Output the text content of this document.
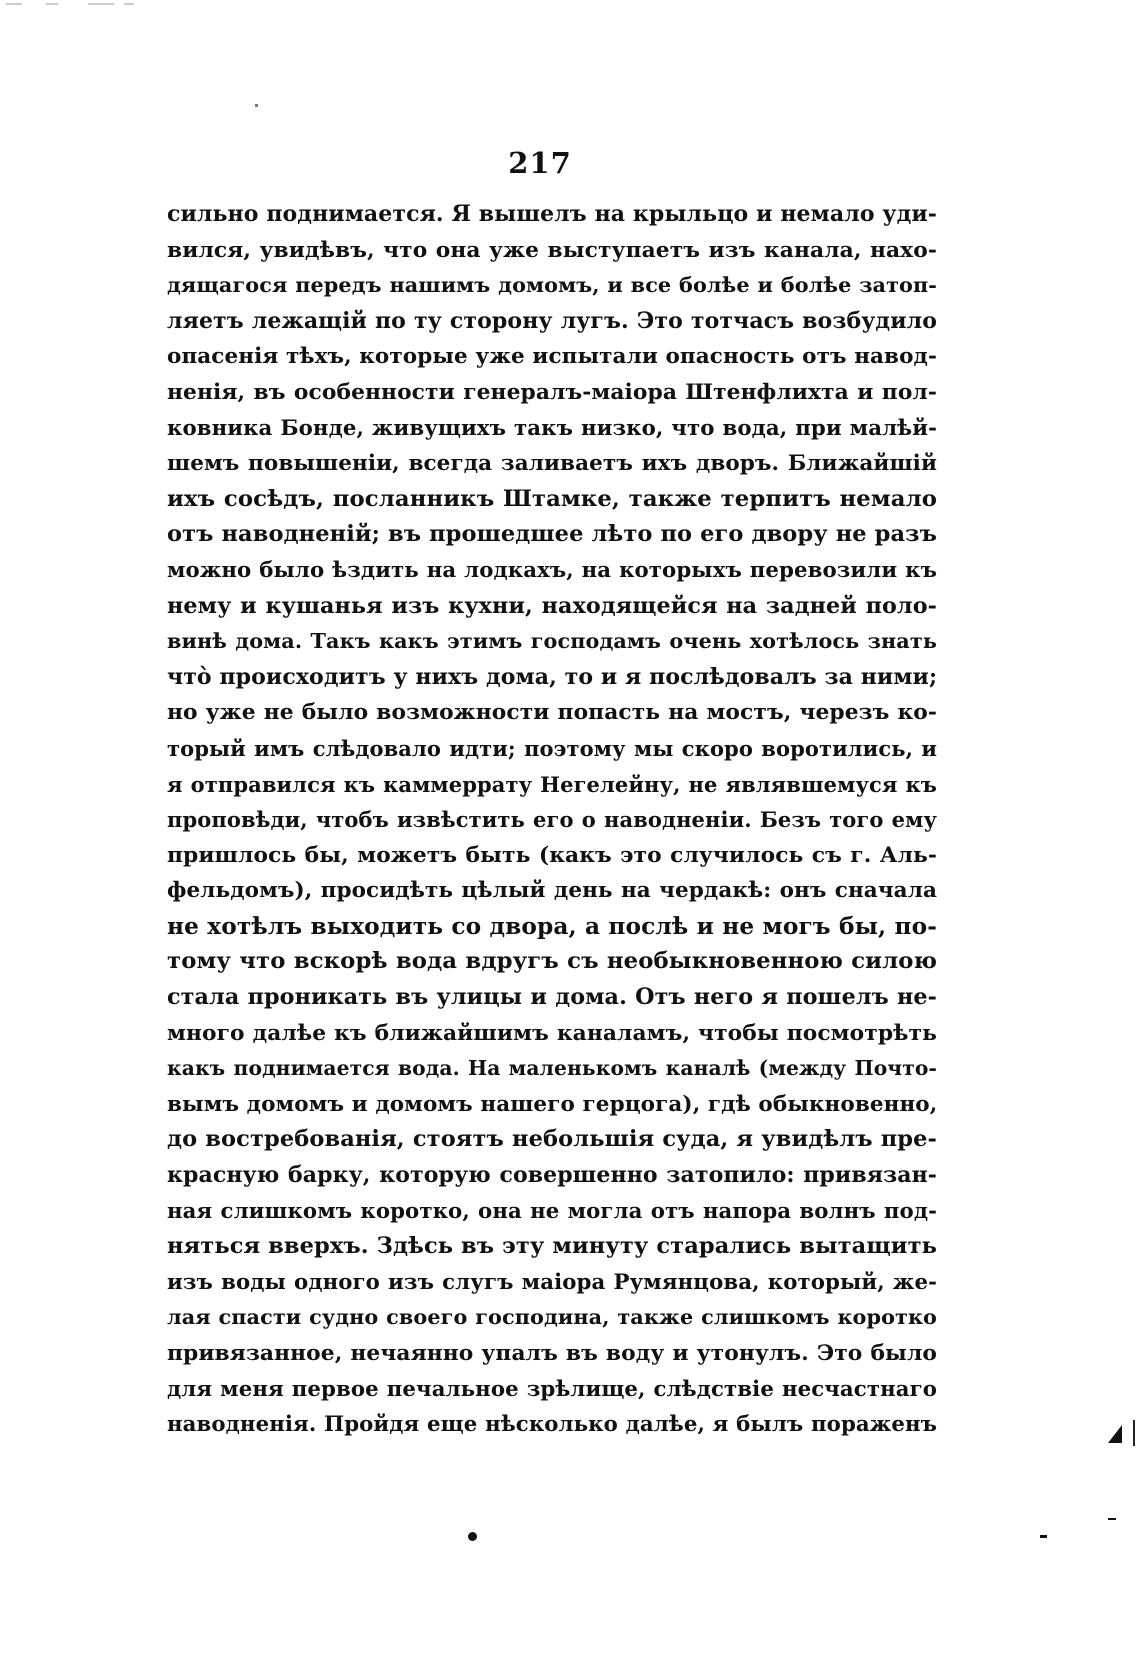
217
сильно поднимается. Я вышелъ на крыльцо и немало уди-
вился, увидѣвъ, что она уже выступаетъ изъ канала, нахо-
дящагося передъ нашимъ домомъ, и все болѣе и болѣе затоп-
ляетъ лежащій по ту сторону лугъ. Это тотчасъ возбудило
опасенія тѣхъ, которые уже испытали опасность отъ навод-
ненія, въ особенности генералъ-маіора Штенфлихта и пол-
ковника Бонде, живущихъ такъ низко, что вода, при малѣй-
шемъ повышеніи, всегда заливаетъ ихъ дворъ. Ближайшій
ихъ сосѣдъ, посланникъ Штамке, также терпитъ немало
отъ наводненій; въ прошедшее лѣто по его двору не разъ
можно было ѣздить на лодкахъ, на которыхъ перевозили къ
нему и кушанья изъ кухни, находящейся на задней поло-
винѣ дома. Такъ какъ этимъ господамъ очень хотѣлось знать
что̀ происходитъ у нихъ дома, то и я послѣдовалъ за ними;
но уже не было возможности попасть на мостъ, черезъ ко-
торый имъ слѣдовало идти; поэтому мы скоро воротились, и
я отправился къ каммеррату Негелейну, не являвшемуся къ
проповѣди, чтобъ извѣстить его о наводненіи. Безъ того ему
пришлось бы, можетъ быть (какъ это случилось съ г. Аль-
фельдомъ), просидѣть цѣлый день на чердакѣ: онъ сначала
не хотѣлъ выходить со двора, а послѣ и не могъ бы, по-
тому что вскорѣ вода вдругъ съ необыкновенною силою
стала проникать въ улицы и дома. Отъ него я пошелъ не-
много далѣе къ ближайшимъ каналамъ, чтобы посмотрѣть
какъ поднимается вода. На маленькомъ каналѣ (между Почто-
вымъ домомъ и домомъ нашего герцога), гдѣ обыкновенно,
до востребованія, стоятъ небольшія суда, я увидѣлъ пре-
красную барку, которую совершенно затопило: привязан-
ная слишкомъ коротко, она не могла отъ напора волнъ под-
няться вверхъ. Здѣсь въ эту минуту старались вытащить
изъ воды одного изъ слугъ маіора Румянцова, который, же-
лая спасти судно своего господина, также слишкомъ коротко
привязанное, нечаянно упалъ въ воду и утонулъ. Это было
для меня первое печальное зрѣлище, слѣдствіе несчастнаго
наводненія. Пройдя еще нѣсколько далѣе, я былъ пораженъ
